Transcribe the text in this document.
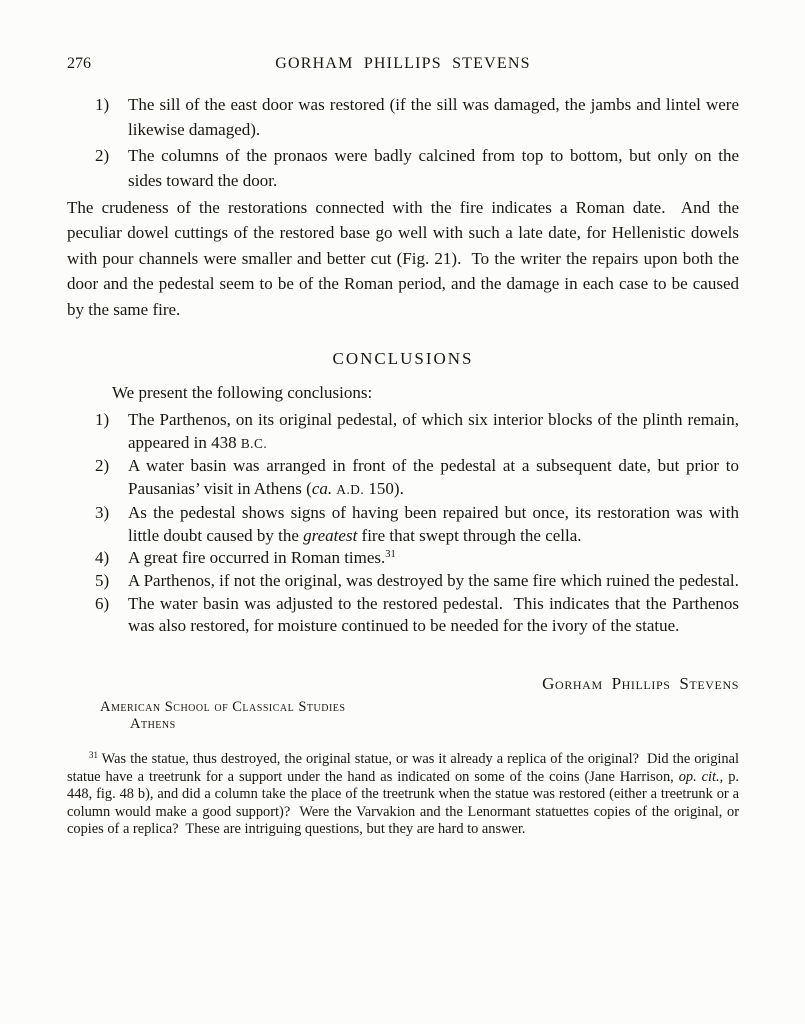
276	GORHAM PHILLIPS STEVENS
1) The sill of the east door was restored (if the sill was damaged, the jambs and lintel were likewise damaged).
2) The columns of the pronaos were badly calcined from top to bottom, but only on the sides toward the door.
The crudeness of the restorations connected with the fire indicates a Roman date.  And the peculiar dowel cuttings of the restored base go well with such a late date, for Hellenistic dowels with pour channels were smaller and better cut (Fig. 21).  To the writer the repairs upon both the door and the pedestal seem to be of the Roman period, and the damage in each case to be caused by the same fire.
CONCLUSIONS
We present the following conclusions:
1) The Parthenos, on its original pedestal, of which six interior blocks of the plinth remain, appeared in 438 B.C.
2) A water basin was arranged in front of the pedestal at a subsequent date, but prior to Pausanias’ visit in Athens (ca. A.D. 150).
3) As the pedestal shows signs of having been repaired but once, its restoration was with little doubt caused by the greatest fire that swept through the cella.
4) A great fire occurred in Roman times.$^{31}$
5) A Parthenos, if not the original, was destroyed by the same fire which ruined the pedestal.
6) The water basin was adjusted to the restored pedestal.  This indicates that the Parthenos was also restored, for moisture continued to be needed for the ivory of the statue.
Gorham Phillips Stevens
American School of Classical Studies
Athens
$^{31}$ Was the statue, thus destroyed, the original statue, or was it already a replica of the original?  Did the original statue have a treetrunk for a support under the hand as indicated on some of the coins (Jane Harrison, op. cit., p. 448, fig. 48 b), and did a column take the place of the treetrunk when the statue was restored (either a treetrunk or a column would make a good support)?  Were the Varvakion and the Lenormant statuettes copies of the original, or copies of a replica?  These are intriguing questions, but they are hard to answer.
